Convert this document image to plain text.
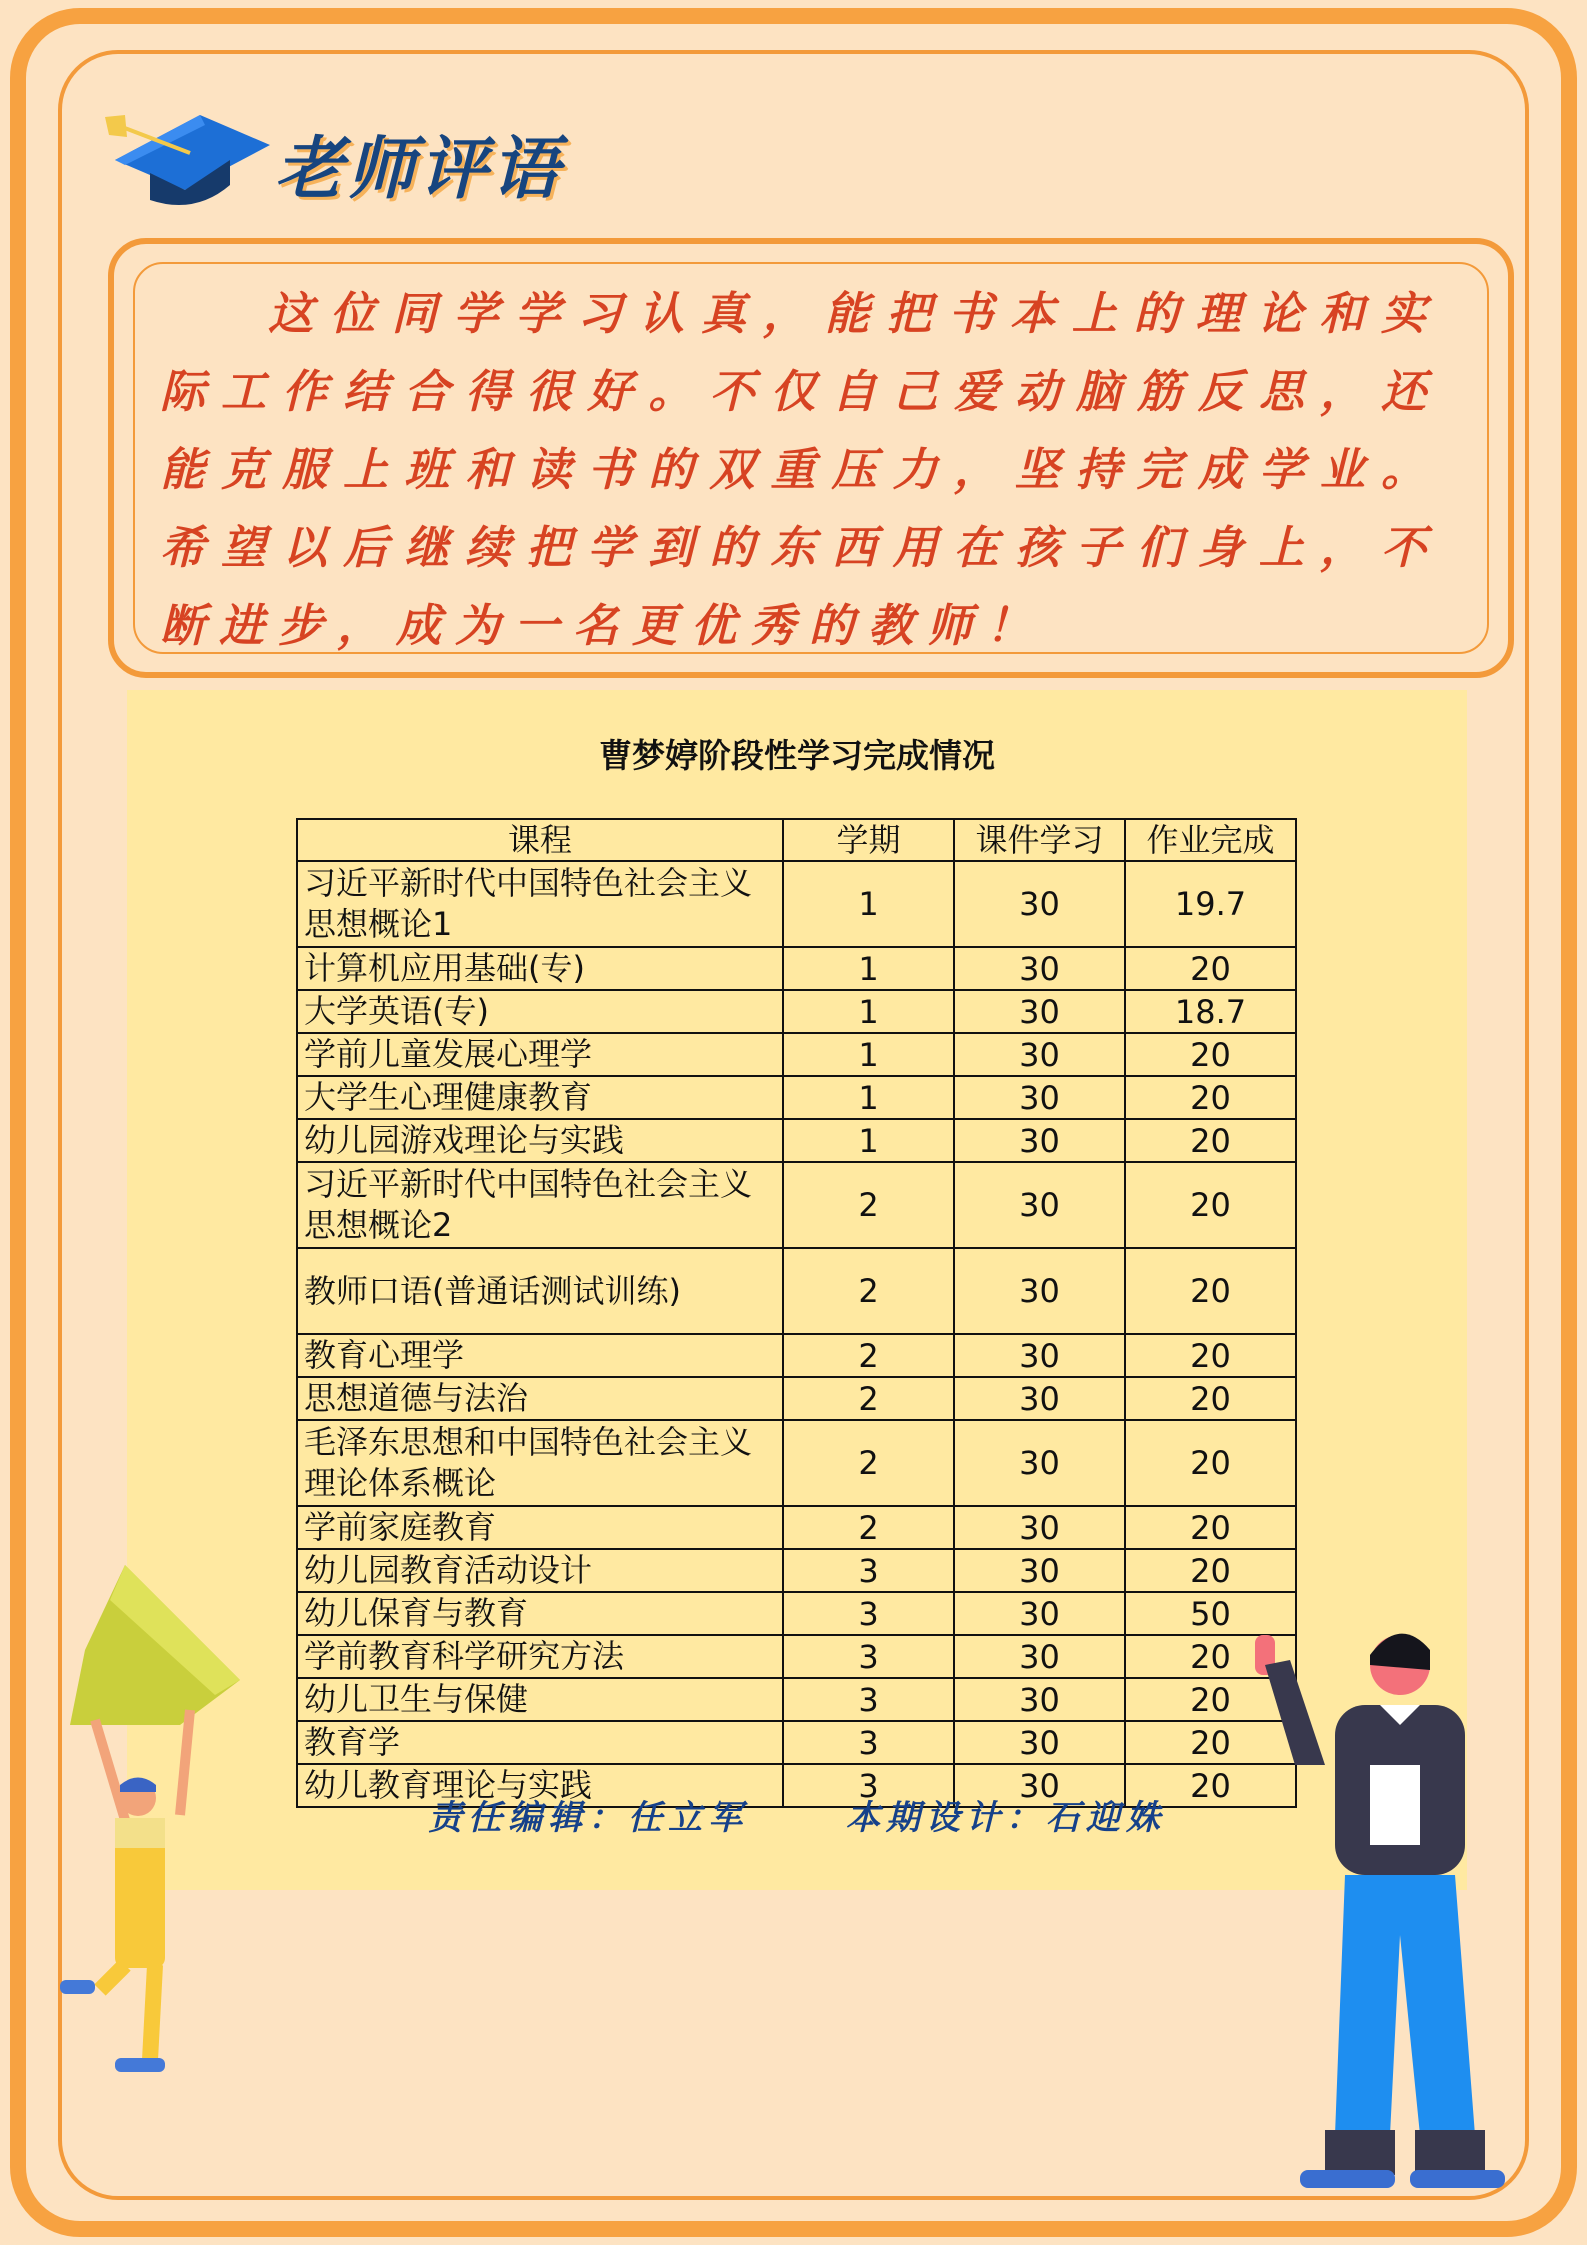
老师评语

这位同学学习认真，能把书本上的理论和实际工作结合得很好。不仅自己爱动脑筋反思，还能克服上班和读书的双重压力，坚持完成学业。希望以后继续把学到的东西用在孩子们身上，不断进步，成为一名更优秀的教师！

曹梦婷阶段性学习完成情况
课程	学期	课件学习	作业完成
习近平新时代中国特色社会主义思想概论1	1	30	19.7
计算机应用基础(专)	1	30	20
大学英语(专)	1	30	18.7
学前儿童发展心理学	1	30	20
大学生心理健康教育	1	30	20
幼儿园游戏理论与实践	1	30	20
习近平新时代中国特色社会主义思想概论2	2	30	20
教师口语(普通话测试训练)	2	30	20
教育心理学	2	30	20
思想道德与法治	2	30	20
毛泽东思想和中国特色社会主义理论体系概论	2	30	20
学前家庭教育	2	30	20
幼儿园教育活动设计	3	30	20
幼儿保育与教育	3	30	50
学前教育科学研究方法	3	30	20
幼儿卫生与保健	3	30	20
教育学	3	30	20
幼儿教育理论与实践	3	30	20
责任编辑：任立军	本期设计：石迎姝
